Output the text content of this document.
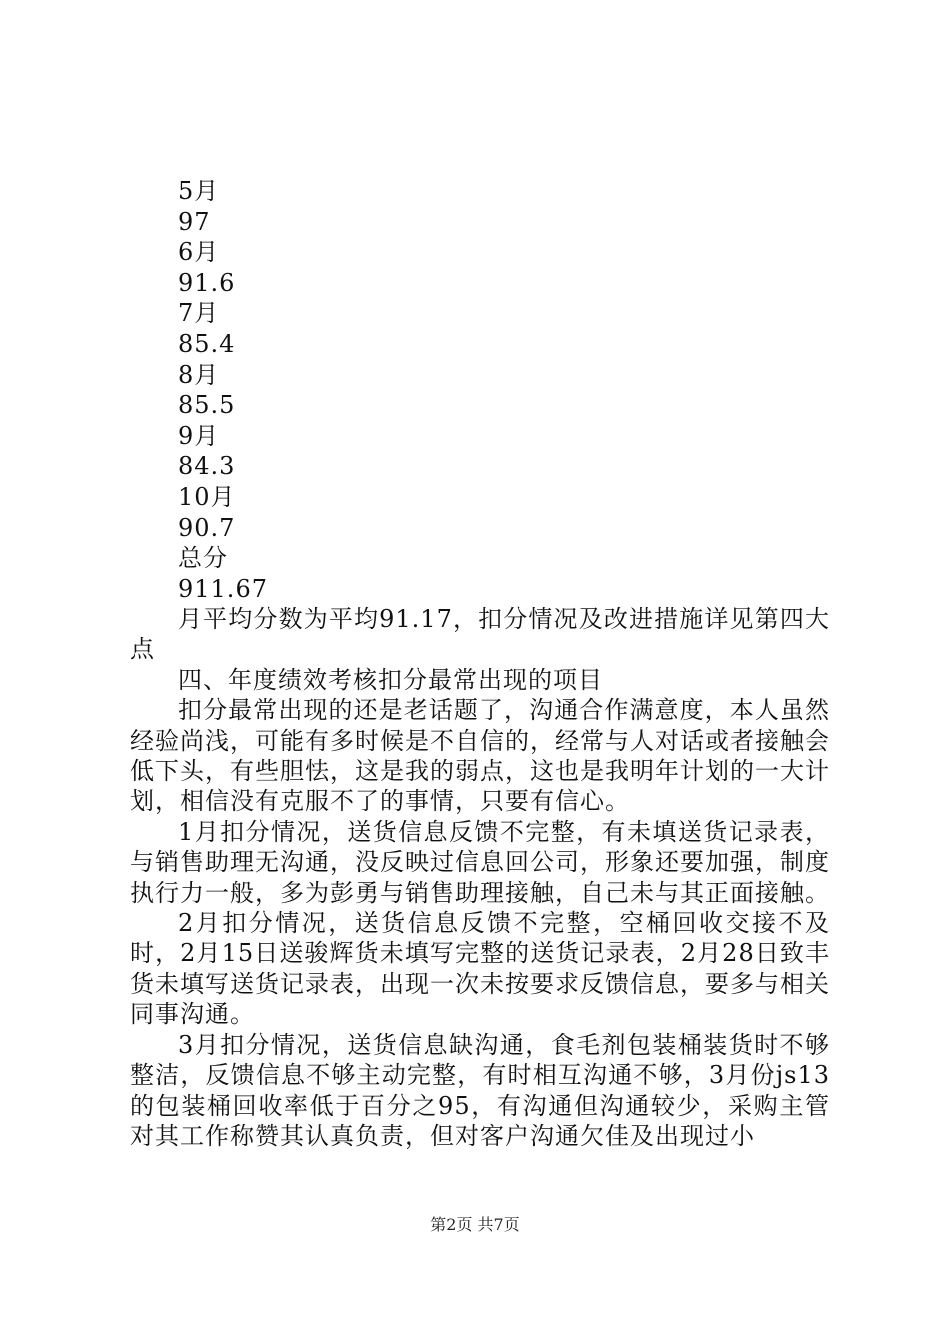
5月
97
6月
91.6
7月
85.4
8月
85.5
9月
84.3
10月
90.7
总分
911.67

月平均分数为平均91.17，扣分情况及改进措施详见第四大点

四、年度绩效考核扣分最常出现的项目

扣分最常出现的还是老话题了，沟通合作满意度，本人虽然经验尚浅，可能有多时候是不自信的，经常与人对话或者接触会低下头，有些胆怯，这是我的弱点，这也是我明年计划的一大计划，相信没有克服不了的事情，只要有信心。

1月扣分情况，送货信息反馈不完整，有未填送货记录表，与销售助理无沟通，没反映过信息回公司，形象还要加强，制度执行力一般，多为彭勇与销售助理接触，自己未与其正面接触。

2月扣分情况，送货信息反馈不完整，空桶回收交接不及时，2月15日送骏辉货未填写完整的送货记录表，2月28日致丰货未填写送货记录表，出现一次未按要求反馈信息，要多与相关同事沟通。

3月扣分情况，送货信息缺沟通，食毛剂包装桶装货时不够整洁，反馈信息不够主动完整，有时相互沟通不够，3月份js13的包装桶回收率低于百分之95，有沟通但沟通较少，采购主管对其工作称赞其认真负责，但对客户沟通欠佳及出现过小

第2页 共7页
